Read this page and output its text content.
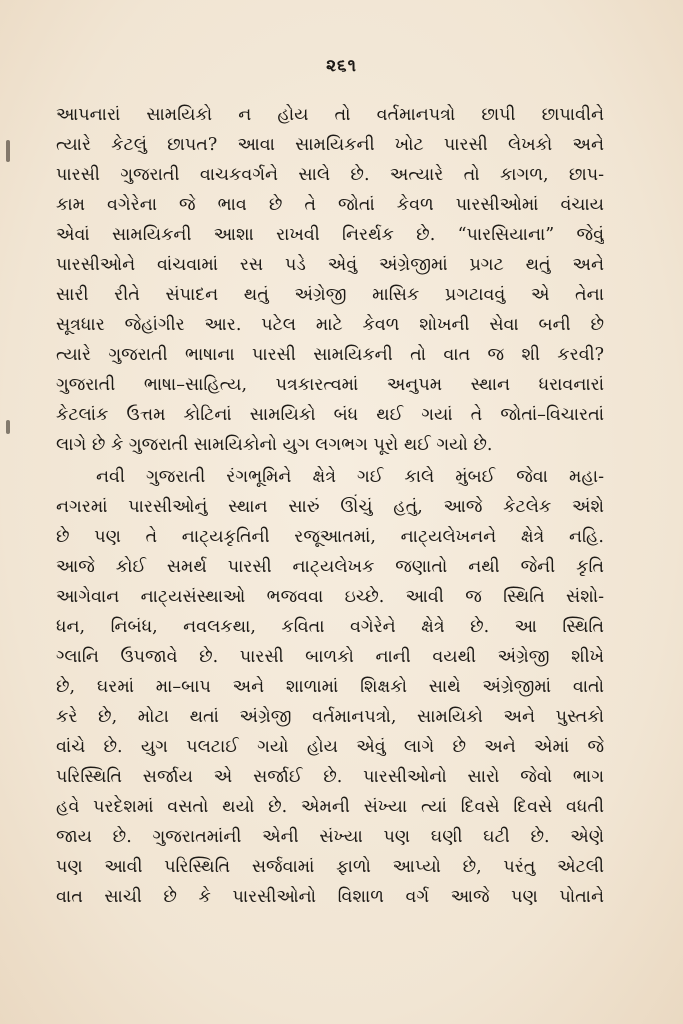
૨૬૧
આપનારાં સામયિકો ન હોય તો વર્તમાનપત્રો છાપી છાપાવીને
ત્યારે કેટલું છાપત? આવા સામયિકની ખોટ પારસી લેખકો અને
પારસી ગુજરાતી વાચકવર્ગને સાલે છે. અત્યારે તો કાગળ, છાપ-
કામ વગેરેના જે ભાવ છે તે જોતાં કેવળ પારસીઓમાં વંચાય
એવાં સામયિકની આશા રાખવી નિરર્થક છે. “પારસિયાના” જેવું
પારસીઓને વાંચવામાં રસ પડે એવું અંગ્રેજીમાં પ્રગટ થતું અને
સારી રીતે સંપાદન થતું અંગ્રેજી માસિક પ્રગટાવવું એ તેના
સૂત્રધાર જેહાંગીર આર. પટેલ માટે કેવળ શોખની સેવા બની છે
ત્યારે ગુજરાતી ભાષાના પારસી સામયિકની તો વાત જ શી કરવી?
ગુજરાતી ભાષા–સાહિત્ય, પત્રકારત્વમાં અનુપમ સ્થાન ધરાવનારાં
કેટલાંક ઉત્તમ કોટિનાં સામયિકો બંધ થઈ ગયાં તે જોતાં–વિચારતાં
લાગે છે કે ગુજરાતી સામયિકોનો યુગ લગભગ પૂરો થઈ ગયો છે.
નવી ગુજરાતી રંગભૂમિને ક્ષેત્રે ગઈ કાલે મુંબઈ જેવા મહા-
નગરમાં પારસીઓનું સ્થાન સારું ઊંચું હતું, આજે કેટલેક અંશે
છે પણ તે નાટ્યકૃતિની રજૂઆતમાં, નાટ્યલેખનને ક્ષેત્રે નહિ.
આજે કોઈ સમર્થ પારસી નાટ્યલેખક જણાતો નથી જેની કૃતિ
આગેવાન નાટ્યસંસ્થાઓ ભજવવા ઇચ્છે. આવી જ સ્થિતિ સંશો-
ધન, નિબંધ, નવલકથા, કવિતા વગેરેને ક્ષેત્રે છે. આ સ્થિતિ
ગ્લાનિ ઉપજાવે છે. પારસી બાળકો નાની વયથી અંગ્રેજી શીખે
છે, ઘરમાં મા–બાપ અને શાળામાં શિક્ષકો સાથે અંગ્રેજીમાં વાતો
કરે છે, મોટા થતાં અંગ્રેજી વર્તમાનપત્રો, સામયિકો અને પુસ્તકો
વાંચે છે. યુગ પલટાઈ ગયો હોય એવું લાગે છે અને એમાં જે
પરિસ્થિતિ સર્જાય એ સર્જાઈ છે. પારસીઓનો સારો જેવો ભાગ
હવે પરદેશમાં વસતો થયો છે. એમની સંખ્યા ત્યાં દિવસે દિવસે વધતી
જાય છે. ગુજરાતમાંની એની સંખ્યા પણ ઘણી ઘટી છે. એણે
પણ આવી પરિસ્થિતિ સર્જવામાં ફાળો આપ્યો છે, પરંતુ એટલી
વાત સાચી છે કે પારસીઓનો વિશાળ વર્ગ આજે પણ પોતાને
